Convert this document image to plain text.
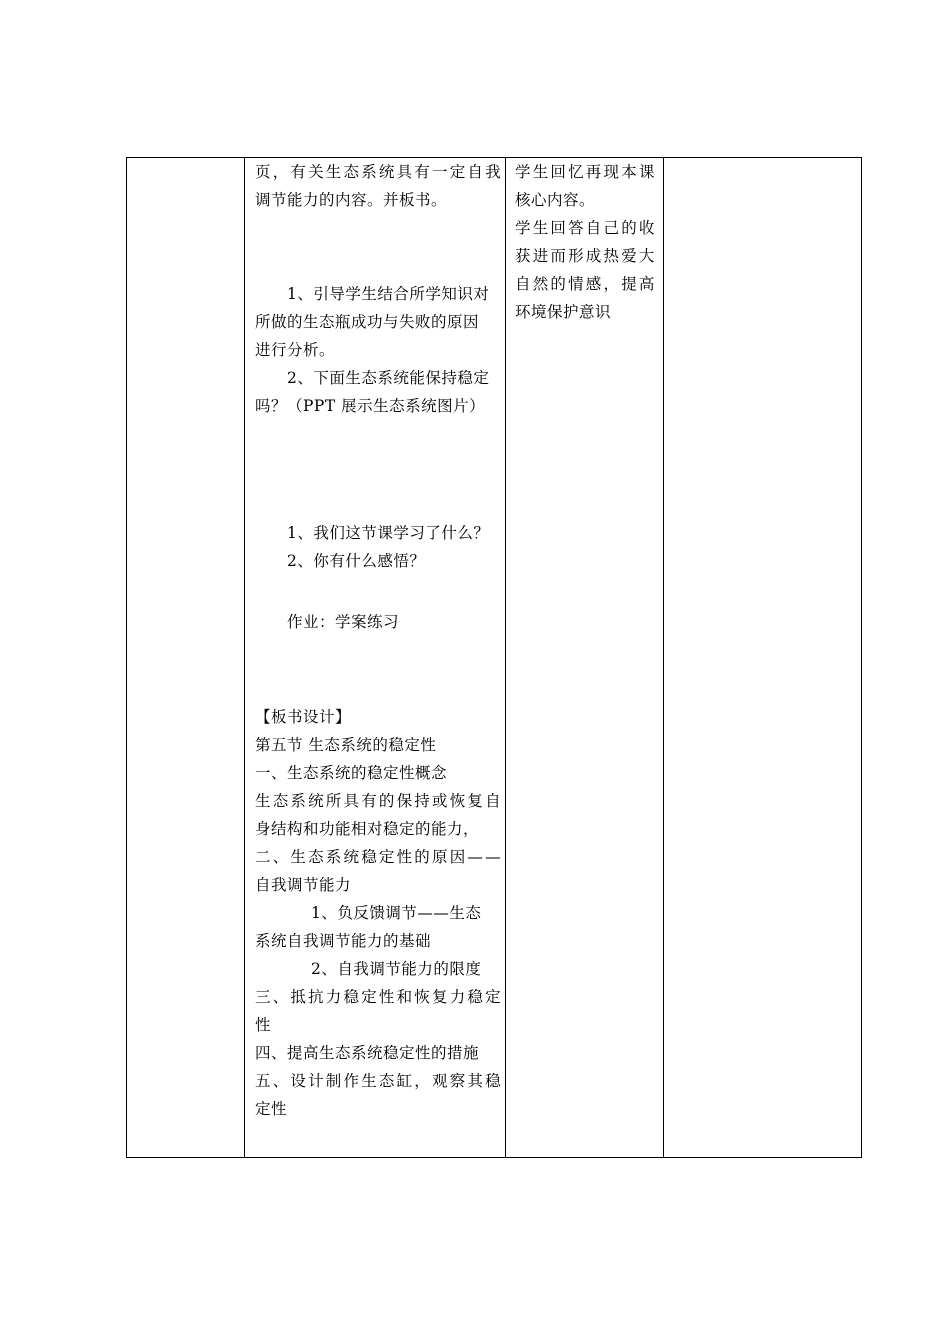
页，有关生态系统具有一定自我
调节能力的内容。并板书。
1、引导学生结合所学知识对
所做的生态瓶成功与失败的原因
进行分析。
2、下面生态系统能保持稳定
吗？（PPT 展示生态系统图片）
1、我们这节课学习了什么？
2、你有什么感悟？
作业：学案练习
【板书设计】
第五节 生态系统的稳定性
一、生态系统的稳定性概念
生态系统所具有的保持或恢复自
身结构和功能相对稳定的能力，
二、生态系统稳定性的原因——
自我调节能力
1、负反馈调节——生态
系统自我调节能力的基础
2、自我调节能力的限度
三、抵抗力稳定性和恢复力稳定
性
四、提高生态系统稳定性的措施
五、设计制作生态缸，观察其稳
定性
学生回忆再现本课
核心内容。
学生回答自己的收
获进而形成热爱大
自然的情感，提高
环境保护意识
